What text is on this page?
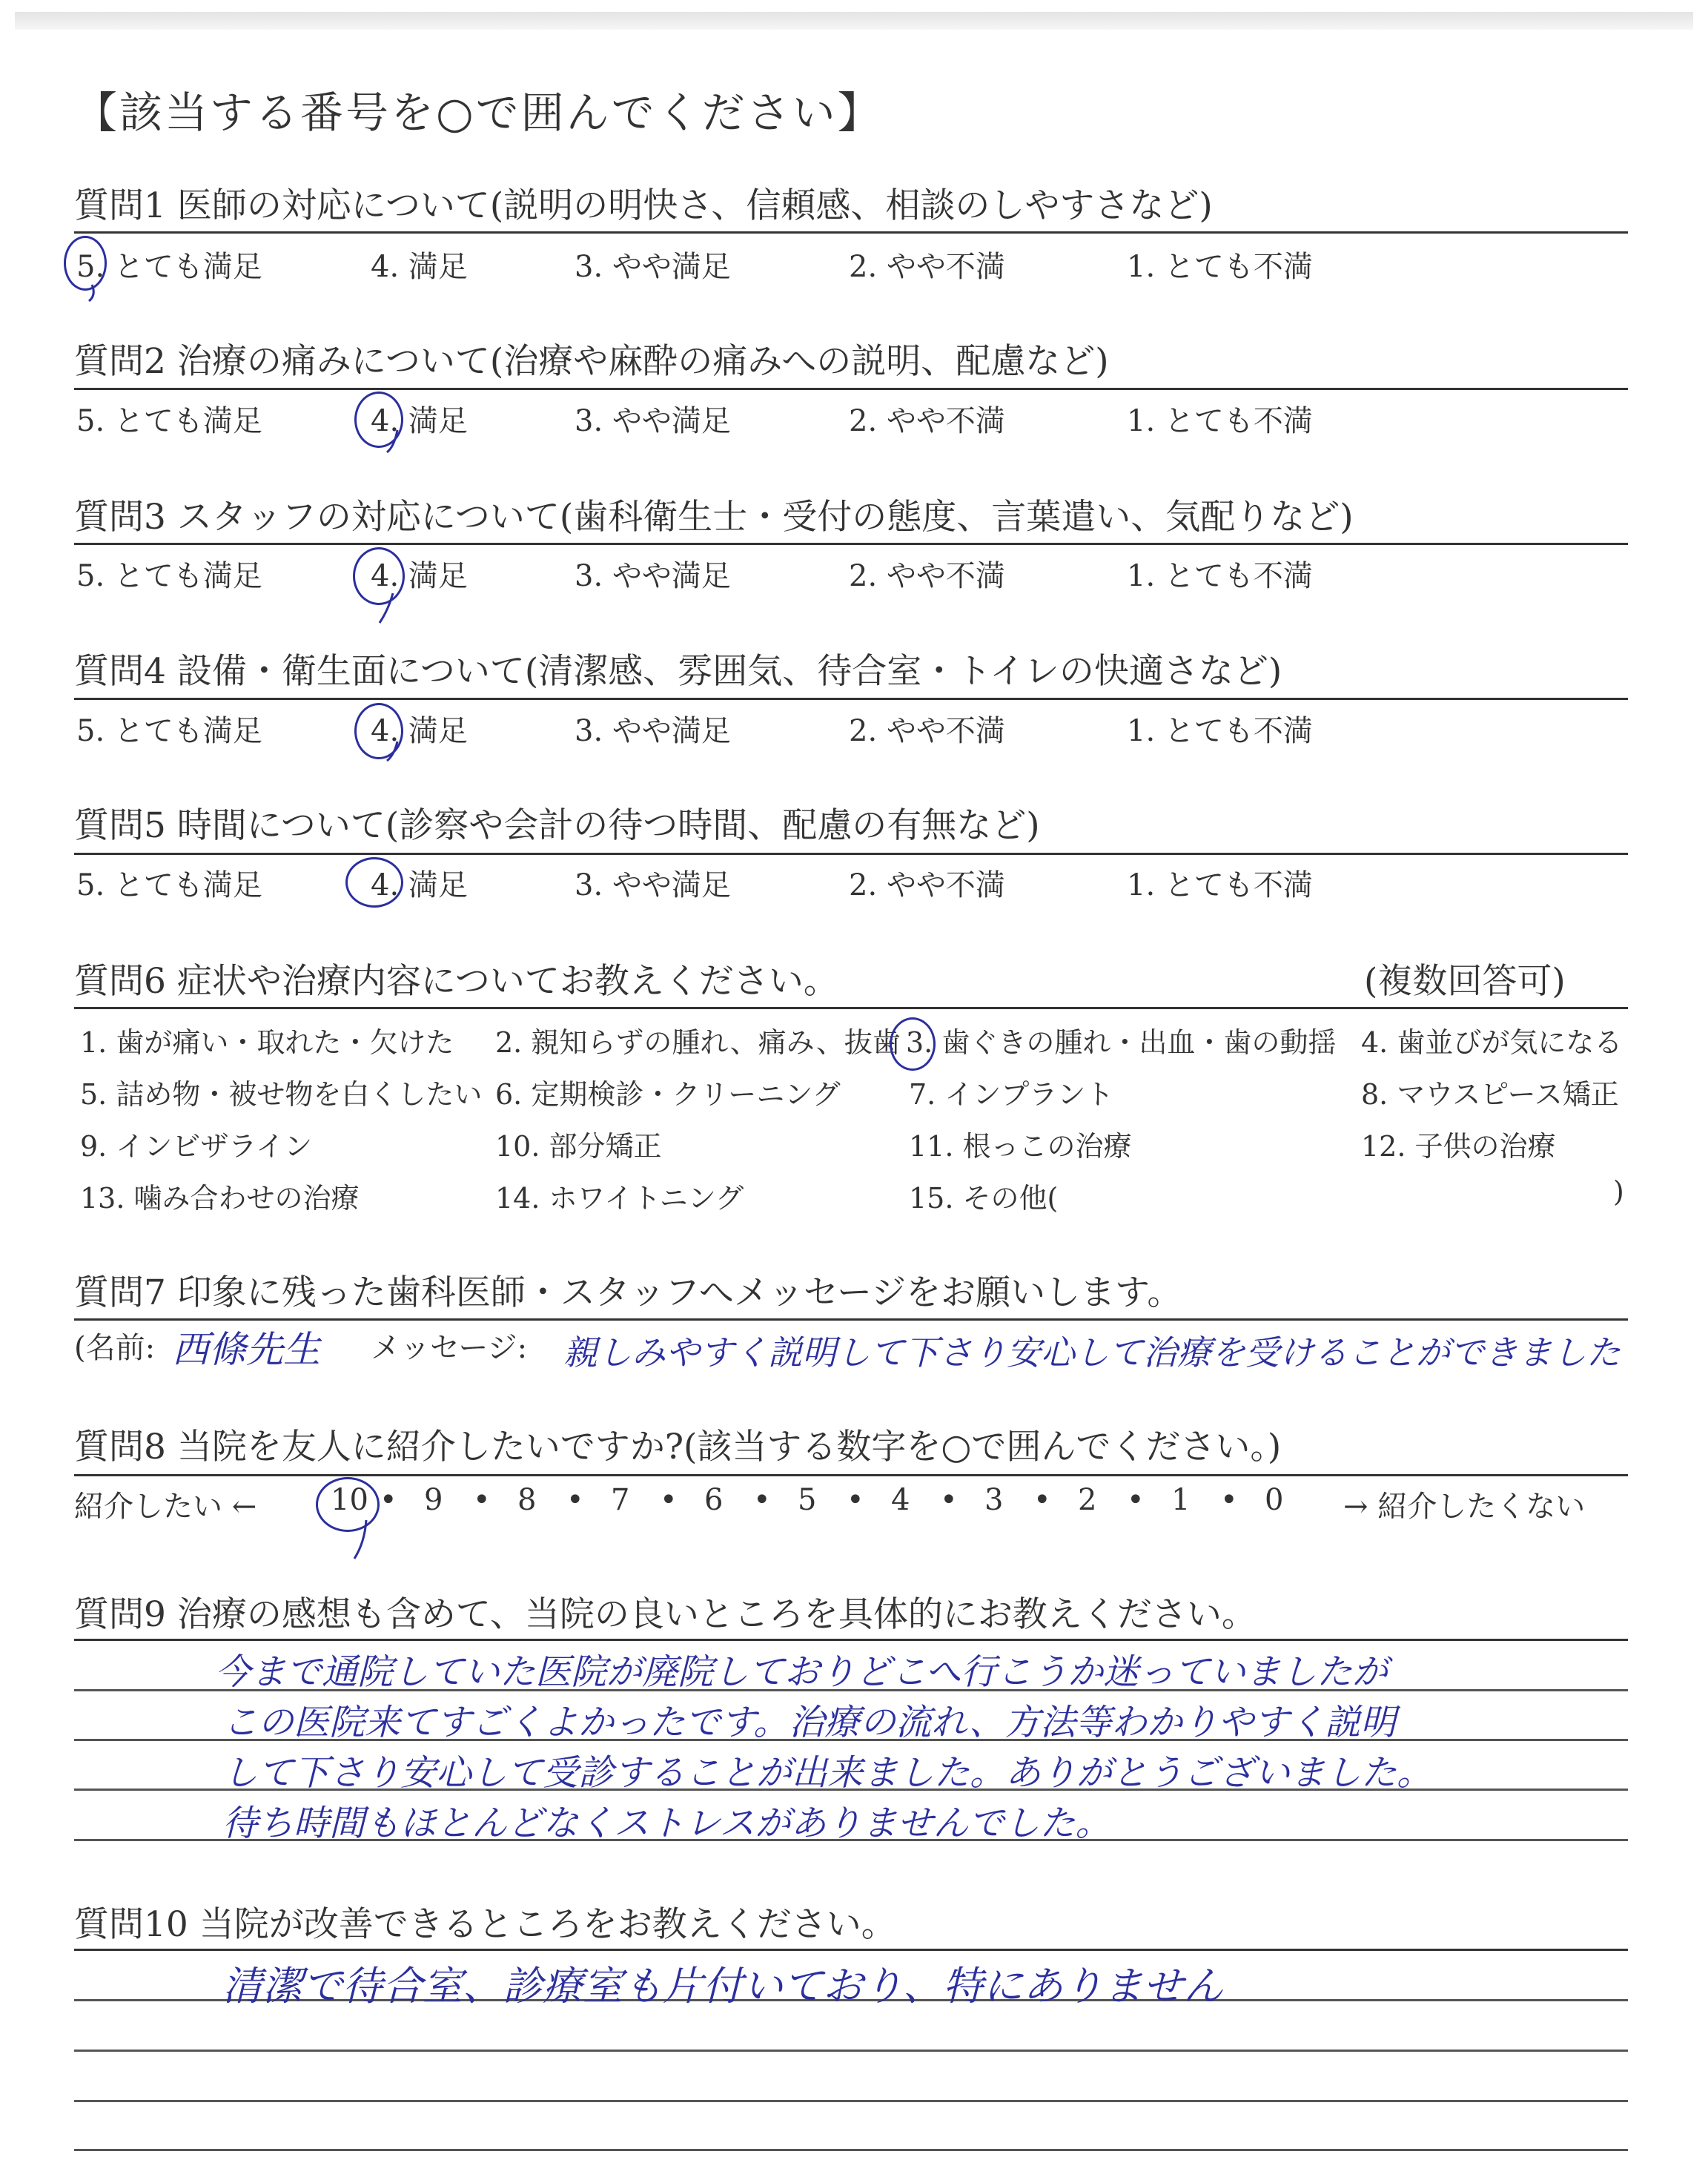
【該当する番号を○で囲んでください】
質問1 医師の対応について(説明の明快さ、信頼感、相談のしやすさなど)
5. とても満足	4. 満足	3. やや満足	2. やや不満	1. とても不満
質問2 治療の痛みについて(治療や麻酔の痛みへの説明、配慮など)
5. とても満足	4. 満足	3. やや満足	2. やや不満	1. とても不満
質問3 スタッフの対応について(歯科衛生士・受付の態度、言葉遣い、気配りなど)
5. とても満足	4. 満足	3. やや満足	2. やや不満	1. とても不満
質問4 設備・衛生面について(清潔感、雰囲気、待合室・トイレの快適さなど)
5. とても満足	4. 満足	3. やや満足	2. やや不満	1. とても不満
質問5 時間について(診察や会計の待つ時間、配慮の有無など)
5. とても満足	4. 満足	3. やや満足	2. やや不満	1. とても不満
質問6 症状や治療内容についてお教えください。	(複数回答可)
1. 歯が痛い・取れた・欠けた 2. 親知らずの腫れ、痛み、抜歯 3. 歯ぐきの腫れ・出血・歯の動揺 4. 歯並びが気になる
5. 詰め物・被せ物を白くしたい 6. 定期検診・クリーニング 7. インプラント	8. マウスピース矯正
9. インビザライン	10. 部分矯正	11. 根っこの治療	12. 子供の治療
13. 噛み合わせの治療	14. ホワイトニング	15. その他(	)
質問7 印象に残った歯科医師・スタッフへメッセージをお願いします。
(名前: 西條先生 メッセージ: 親しみやすく説明して下さり安心して治療を受けることができました
質問8 当院を友人に紹介したいですか?(該当する数字を○で囲んでください。)
紹介したい ←	→ 紹介したくない
10 • 9 • 8 • 7 • 6 • 5 • 4 • 3 • 2 • 1 • 0
質問9 治療の感想も含めて、当院の良いところを具体的にお教えください。
今まで通院していた医院が廃院しておりどこへ行こうか迷っていましたが
この医院来てすごくよかったです。治療の流れ、方法等わかりやすく説明
して下さり安心して受診することが出来ました。ありがとうございました。
待ち時間もほとんどなくストレスがありませんでした。
質問10 当院が改善できるところをお教えください。
清潔で待合室、診療室も片付いており、特にありません
